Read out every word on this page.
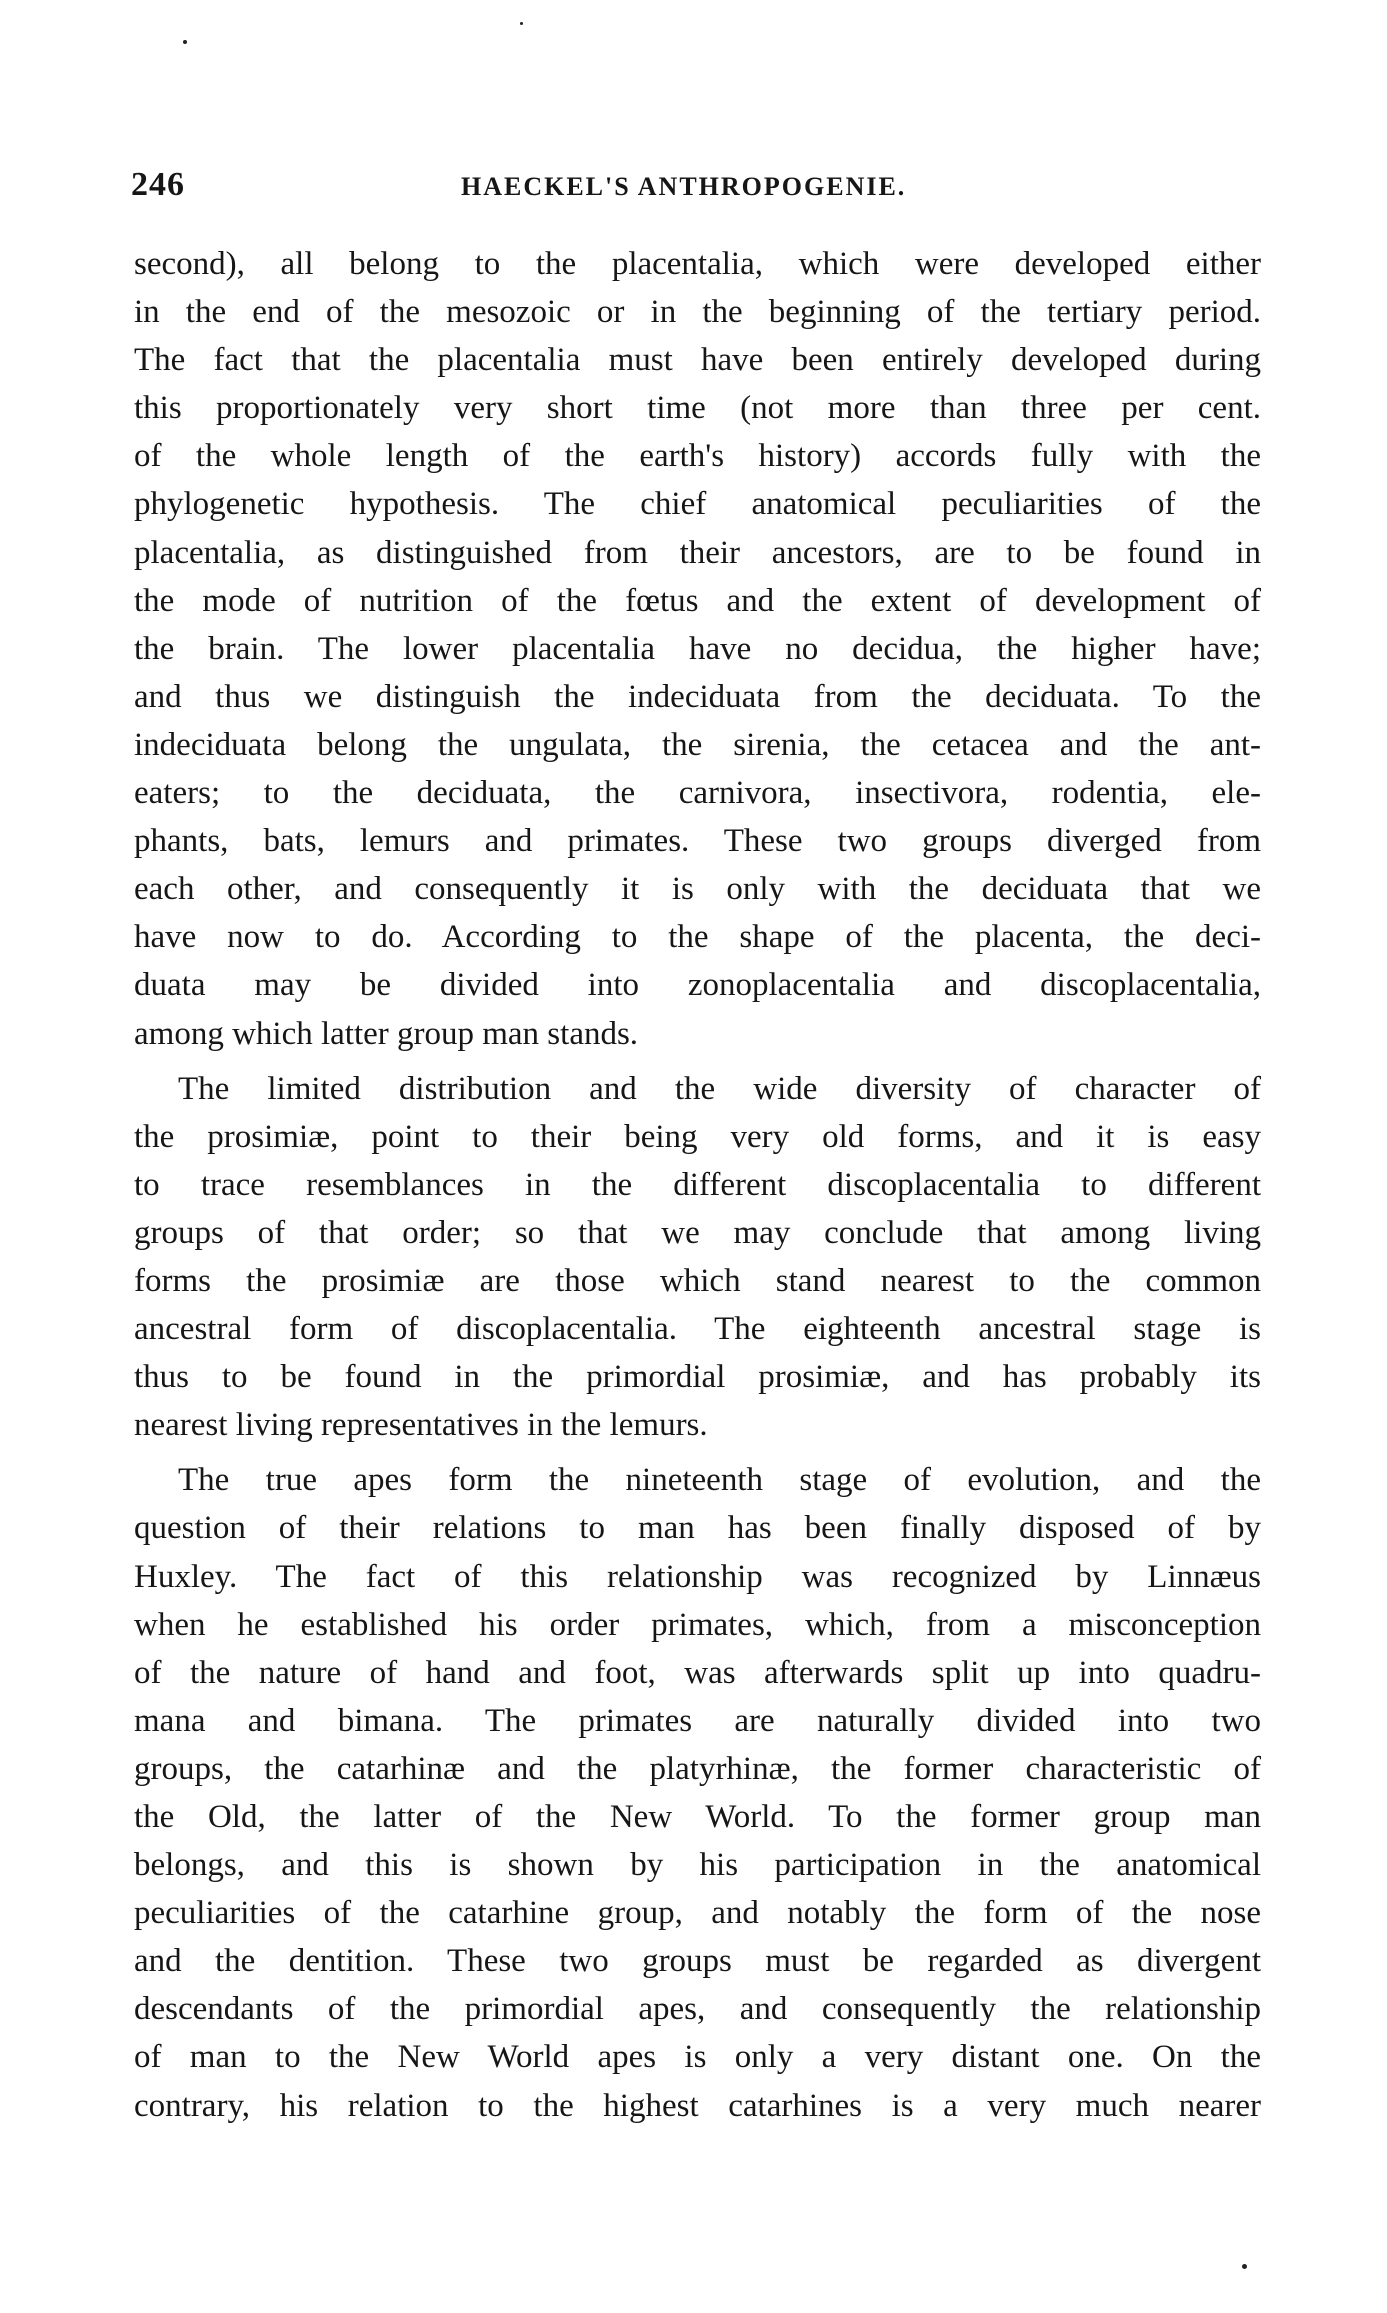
246	HAECKEL'S ANTHROPOGENIE.
second), all belong to the placentalia, which were developed either
in the end of the mesozoic or in the beginning of the tertiary period.
The fact that the placentalia must have been entirely developed during
this proportionately very short time (not more than three per cent.
of the whole length of the earth's history) accords fully with the
phylogenetic hypothesis. The chief anatomical peculiarities of the
placentalia, as distinguished from their ancestors, are to be found in
the mode of nutrition of the fœtus and the extent of development of
the brain. The lower placentalia have no decidua, the higher have;
and thus we distinguish the indeciduata from the deciduata. To the
indeciduata belong the ungulata, the sirenia, the cetacea and the ant-
eaters; to the deciduata, the carnivora, insectivora, rodentia, ele-
phants, bats, lemurs and primates. These two groups diverged from
each other, and consequently it is only with the deciduata that we
have now to do. According to the shape of the placenta, the deci-
duata may be divided into zonoplacentalia and discoplacentalia,
among which latter group man stands.
The limited distribution and the wide diversity of character of
the prosimiæ, point to their being very old forms, and it is easy
to trace resemblances in the different discoplacentalia to different
groups of that order; so that we may conclude that among living
forms the prosimiæ are those which stand nearest to the common
ancestral form of discoplacentalia. The eighteenth ancestral stage is
thus to be found in the primordial prosimiæ, and has probably its
nearest living representatives in the lemurs.
The true apes form the nineteenth stage of evolution, and the
question of their relations to man has been finally disposed of by
Huxley. The fact of this relationship was recognized by Linnæus
when he established his order primates, which, from a misconception
of the nature of hand and foot, was afterwards split up into quadru-
mana and bimana. The primates are naturally divided into two
groups, the catarhinæ and the platyrhinæ, the former characteristic of
the Old, the latter of the New World. To the former group man
belongs, and this is shown by his participation in the anatomical
peculiarities of the catarhine group, and notably the form of the nose
and the dentition. These two groups must be regarded as divergent
descendants of the primordial apes, and consequently the relationship
of man to the New World apes is only a very distant one. On the
contrary, his relation to the highest catarhines is a very much nearer
